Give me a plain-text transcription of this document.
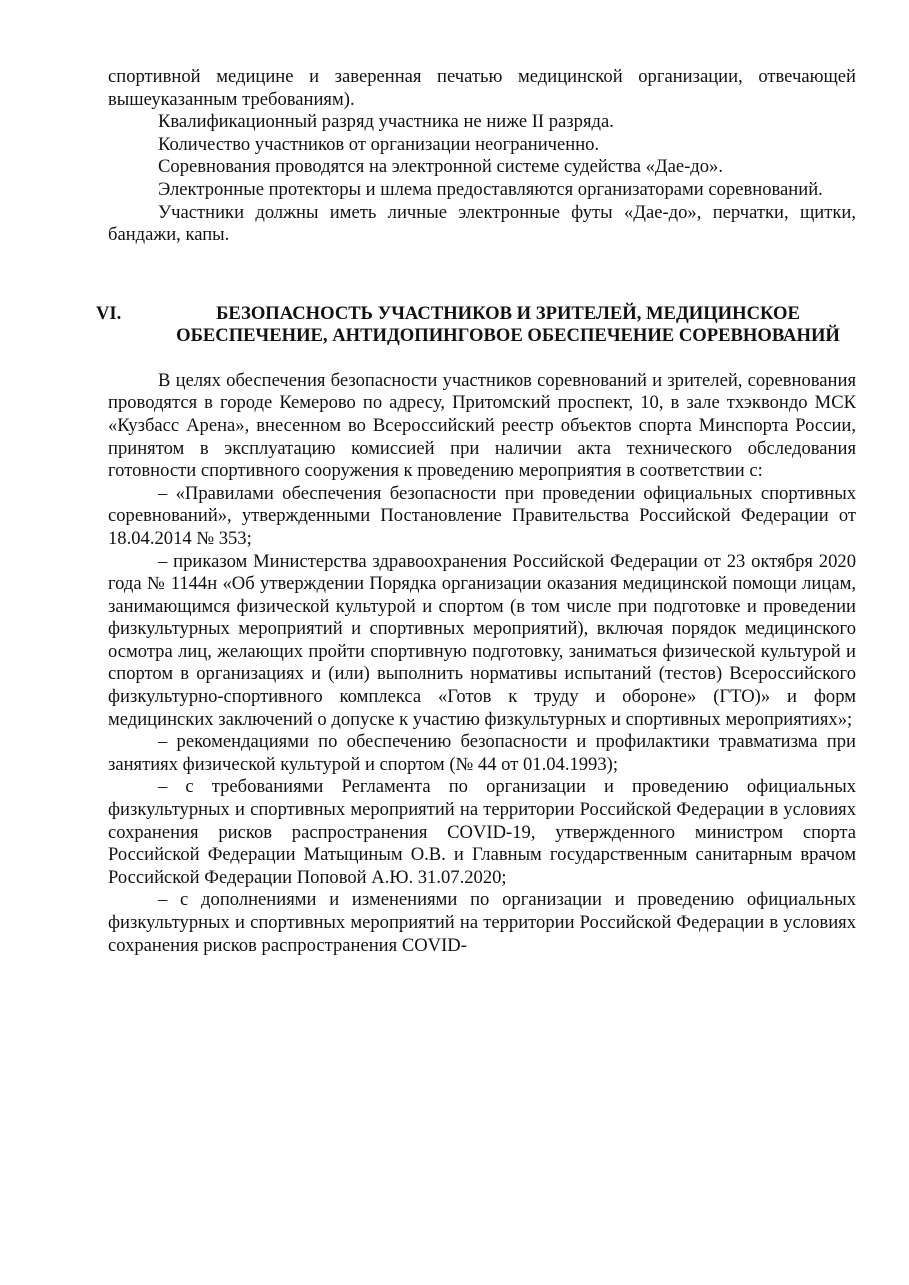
спортивной медицине и заверенная печатью медицинской организации, отвечающей вышеуказанным требованиям).

Квалификационный разряд участника не ниже II разряда.

Количество участников от организации неограниченно.

Соревнования проводятся на электронной системе судейства «Дае-до».

Электронные протекторы и шлема предоставляются организаторами соревнований.

Участники должны иметь личные электронные футы «Дае-до», перчатки, щитки, бандажи, капы.

VI.	БЕЗОПАСНОСТЬ УЧАСТНИКОВ И ЗРИТЕЛЕЙ, МЕДИЦИНСКОЕ ОБЕСПЕЧЕНИЕ, АНТИДОПИНГОВОЕ ОБЕСПЕЧЕНИЕ СОРЕВНОВАНИЙ

В целях обеспечения безопасности участников соревнований и зрителей, соревнования проводятся в городе Кемерово по адресу, Притомский проспект, 10, в зале тхэквондо МСК «Кузбасс Арена», внесенном во Всероссийский реестр объектов спорта Минспорта России, принятом в эксплуатацию комиссией при наличии акта технического обследования готовности спортивного сооружения к проведению мероприятия в соответствии с:

– «Правилами обеспечения безопасности при проведении официальных спортивных соревнований», утвержденными Постановление Правительства Российской Федерации от 18.04.2014 № 353;

– приказом Министерства здравоохранения Российской Федерации от 23 октября 2020 года № 1144н «Об утверждении Порядка организации оказания медицинской помощи лицам, занимающимся физической культурой и спортом (в том числе при подготовке и проведении физкультурных мероприятий и спортивных мероприятий), включая порядок медицинского осмотра лиц, желающих пройти спортивную подготовку, заниматься физической культурой и спортом в организациях и (или) выполнить нормативы испытаний (тестов) Всероссийского физкультурно-спортивного комплекса «Готов к труду и обороне» (ГТО)» и форм медицинских заключений о допуске к участию физкультурных и спортивных мероприятиях»;

– рекомендациями по обеспечению безопасности и профилактики травматизма при занятиях физической культурой и спортом (№ 44 от 01.04.1993);

– с требованиями Регламента по организации и проведению официальных физкультурных и спортивных мероприятий на территории Российской Федерации в условиях сохранения рисков распространения COVID-19, утвержденного министром спорта Российской Федерации Матыциным О.В. и Главным государственным санитарным врачом Российской Федерации Поповой А.Ю. 31.07.2020;

– с дополнениями и изменениями по организации и проведению официальных физкультурных и спортивных мероприятий на территории Российской Федерации в условиях сохранения рисков распространения COVID-
